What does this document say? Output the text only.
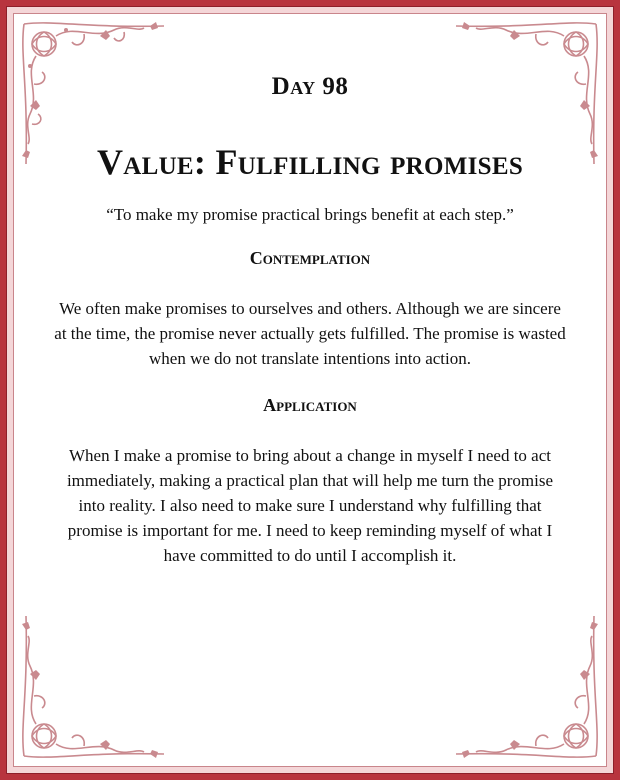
Day 98
Value: Fulfilling promises

“To make my promise practical brings benefit at each step.”

Contemplation

We often make promises to ourselves and others. Although we are sincere at the time, the promise never actually gets fulfilled. The promise is wasted when we do not translate intentions into action.

Application

When I make a promise to bring about a change in myself I need to act immediately, making a practical plan that will help me turn the promise into reality. I also need to make sure I understand why fulfilling that promise is important for me. I need to keep reminding myself of what I have committed to do until I accomplish it.
